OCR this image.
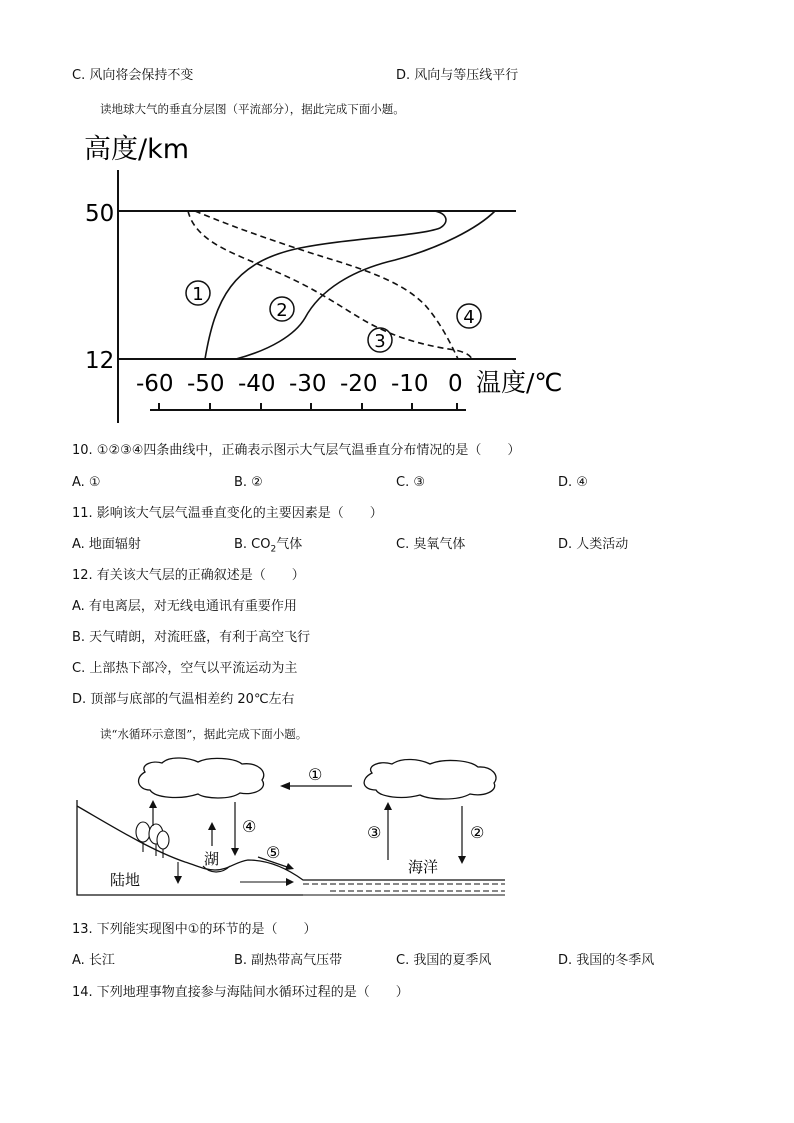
C. 风向将会保持不变	D. 风向与等压线平行
读地球大气的垂直分层图（平流部分），据此完成下面小题。
高度/km
50
12
-60 -50 -40 -30 -20 -10 0 温度/℃
1
2
3
4
10. ①②③④四条曲线中，正确表示图示大气层气温垂直分布情况的是（　　）
A. ①	B. ②	C. ③	D. ④
11. 影响该大气层气温垂直变化的主要因素是（　　）
A. 地面辐射	B. $CO_2$气体	C. 臭氧气体	D. 人类活动
12. 有关该大气层的正确叙述是（　　）
A. 有电离层，对无线电通讯有重要作用
B. 天气晴朗，对流旺盛，有利于高空飞行
C. 上部热下部冷，空气以平流运动为主
D. 顶部与底部的气温相差约 20℃左右
读“水循环示意图”，据此完成下面小题。
①
④
⑤
③	②
湖
陆地
海洋
13. 下列能实现图中①的环节的是（　　）
A. 长江	B. 副热带高气压带	C. 我国的夏季风	D. 我国的冬季风
14. 下列地理事物直接参与海陆间水循环过程的是（　　）
